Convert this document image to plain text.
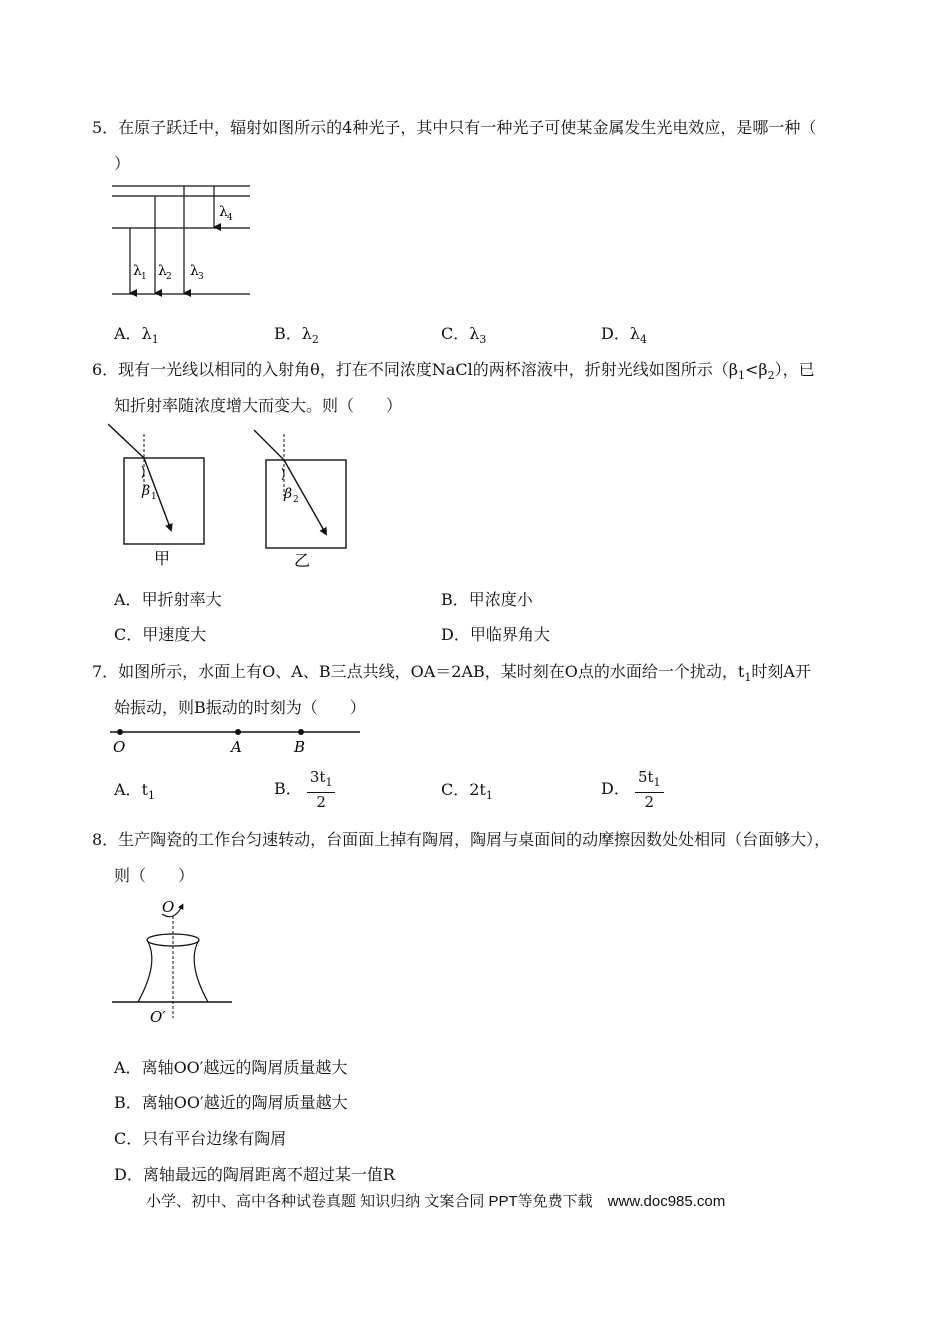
5．在原子跃迁中，辐射如图所示的4种光子，其中只有一种光子可使某金属发生光电效应，是哪一种（
）
λ 1 λ 2 λ 3
λ 4
A．$\lambda_1$	B．$\lambda_2$	C．$\lambda_3$	D．$\lambda_4$
6．现有一光线以相同的入射角θ，打在不同浓度NaCl的两杯溶液中，折射光线如图所示$(\beta_1<\beta_2)$，已
知折射率随浓度增大而变大。则（　　）
β 1
甲
β 2
乙
A．甲折射率大	B．甲浓度小
C．甲速度大	D．甲临界角大
7．如图所示，水面上有O、A、B三点共线，OA＝2AB，某时刻在O点的水面给一个扰动，$t_1$时刻A开
始振动，则B振动的时刻为（　　）
O	A	B
A．$t_1$	B． $\frac{3t_1}{2}$	C．$2t_1$	D． $\frac{5t_1}{2}$
8．生产陶瓷的工作台匀速转动，台面面上掉有陶屑，陶屑与桌面间的动摩擦因数处处相同（台面够大），
则（　　）
O
O′
A．离轴OO′越远的陶屑质量越大
B．离轴OO′越近的陶屑质量越大
C．只有平台边缘有陶屑
D．离轴最远的陶屑距离不超过某一值R
小学、初中、高中各种试卷真题 知识归纳 文案合同 PPT等免费下载　www.doc985.com
